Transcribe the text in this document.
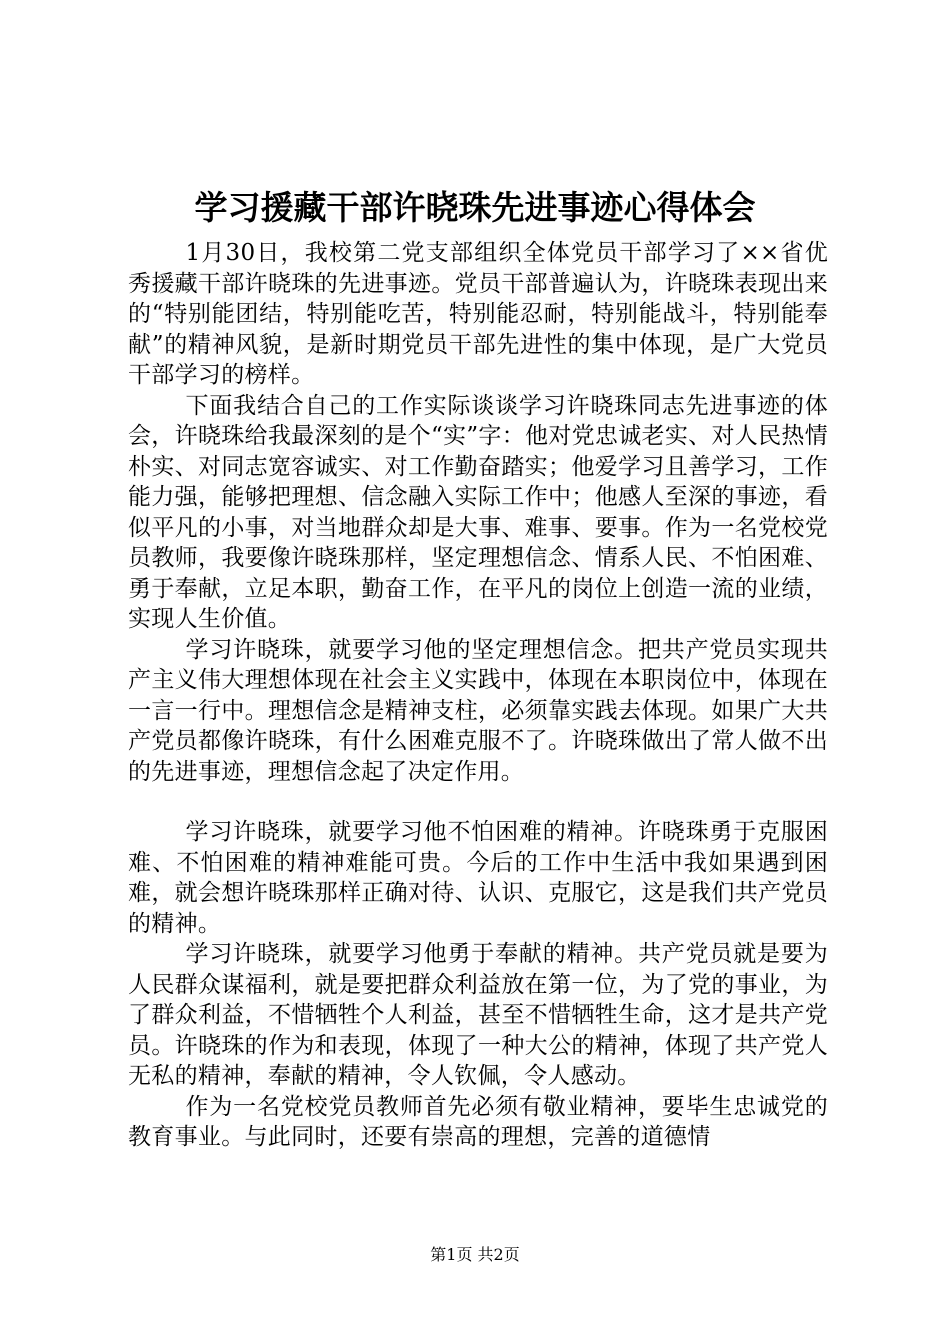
学习援藏干部许晓珠先进事迹心得体会

1月30日，我校第二党支部组织全体党员干部学习了××省优秀援藏干部许晓珠的先进事迹。党员干部普遍认为，许晓珠表现出来的“特别能团结，特别能吃苦，特别能忍耐，特别能战斗，特别能奉献”的精神风貌，是新时期党员干部先进性的集中体现，是广大党员干部学习的榜样。

下面我结合自己的工作实际谈谈学习许晓珠同志先进事迹的体会，许晓珠给我最深刻的是个“实”字：他对党忠诚老实、对人民热情朴实、对同志宽容诚实、对工作勤奋踏实；他爱学习且善学习，工作能力强，能够把理想、信念融入实际工作中；他感人至深的事迹，看似平凡的小事，对当地群众却是大事、难事、要事。作为一名党校党员教师，我要像许晓珠那样，坚定理想信念、情系人民、不怕困难、勇于奉献，立足本职，勤奋工作，在平凡的岗位上创造一流的业绩，实现人生价值。

学习许晓珠，就要学习他的坚定理想信念。把共产党员实现共产主义伟大理想体现在社会主义实践中，体现在本职岗位中，体现在一言一行中。理想信念是精神支柱，必须靠实践去体现。如果广大共产党员都像许晓珠，有什么困难克服不了。许晓珠做出了常人做不出的先进事迹，理想信念起了决定作用。

学习许晓珠，就要学习他不怕困难的精神。许晓珠勇于克服困难、不怕困难的精神难能可贵。今后的工作中生活中我如果遇到困难，就会想许晓珠那样正确对待、认识、克服它，这是我们共产党员的精神。

学习许晓珠，就要学习他勇于奉献的精神。共产党员就是要为人民群众谋福利，就是要把群众利益放在第一位，为了党的事业，为了群众利益，不惜牺牲个人利益，甚至不惜牺牲生命，这才是共产党员。许晓珠的作为和表现，体现了一种大公的精神，体现了共产党人无私的精神，奉献的精神，令人钦佩，令人感动。

作为一名党校党员教师首先必须有敬业精神，要毕生忠诚党的教育事业。与此同时，还要有崇高的理想，完善的道德情

第1页 共2页
